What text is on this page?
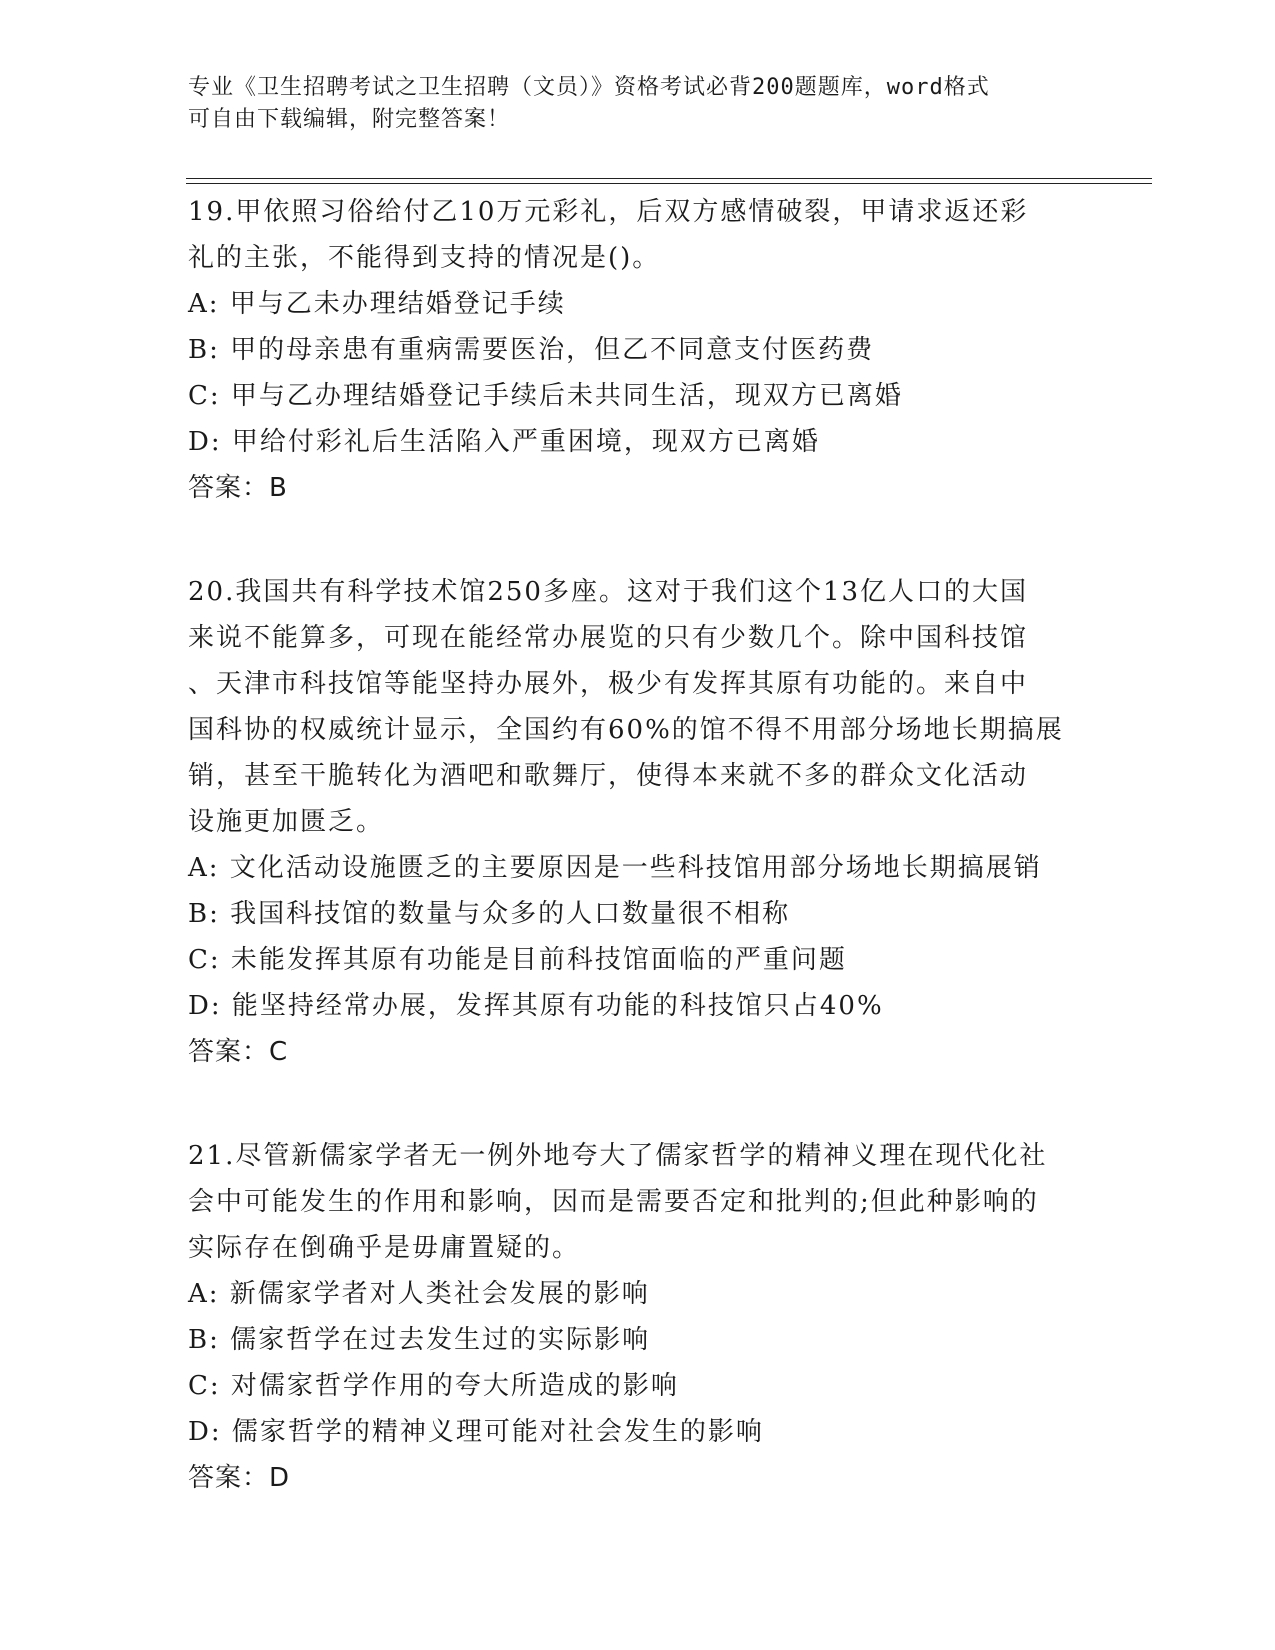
专业《卫生招聘考试之卫生招聘（文员）》资格考试必背200题题库，word格式
可自由下载编辑，附完整答案！
19.甲依照习俗给付乙10万元彩礼，后双方感情破裂，甲请求返还彩
礼的主张，不能得到支持的情况是()。
A: 甲与乙未办理结婚登记手续
B: 甲的母亲患有重病需要医治，但乙不同意支付医药费
C: 甲与乙办理结婚登记手续后未共同生活，现双方已离婚
D: 甲给付彩礼后生活陷入严重困境，现双方已离婚
答案：B
20.我国共有科学技术馆250多座。这对于我们这个13亿人口的大国
来说不能算多，可现在能经常办展览的只有少数几个。除中国科技馆
、天津市科技馆等能坚持办展外，极少有发挥其原有功能的。来自中
国科协的权威统计显示，全国约有60%的馆不得不用部分场地长期搞展
销，甚至干脆转化为酒吧和歌舞厅，使得本来就不多的群众文化活动
设施更加匮乏。
A: 文化活动设施匮乏的主要原因是一些科技馆用部分场地长期搞展销
B: 我国科技馆的数量与众多的人口数量很不相称
C: 未能发挥其原有功能是目前科技馆面临的严重问题
D: 能坚持经常办展，发挥其原有功能的科技馆只占40%
答案：C
21.尽管新儒家学者无一例外地夸大了儒家哲学的精神义理在现代化社
会中可能发生的作用和影响，因而是需要否定和批判的;但此种影响的
实际存在倒确乎是毋庸置疑的。
A: 新儒家学者对人类社会发展的影响
B: 儒家哲学在过去发生过的实际影响
C: 对儒家哲学作用的夸大所造成的影响
D: 儒家哲学的精神义理可能对社会发生的影响
答案：D
